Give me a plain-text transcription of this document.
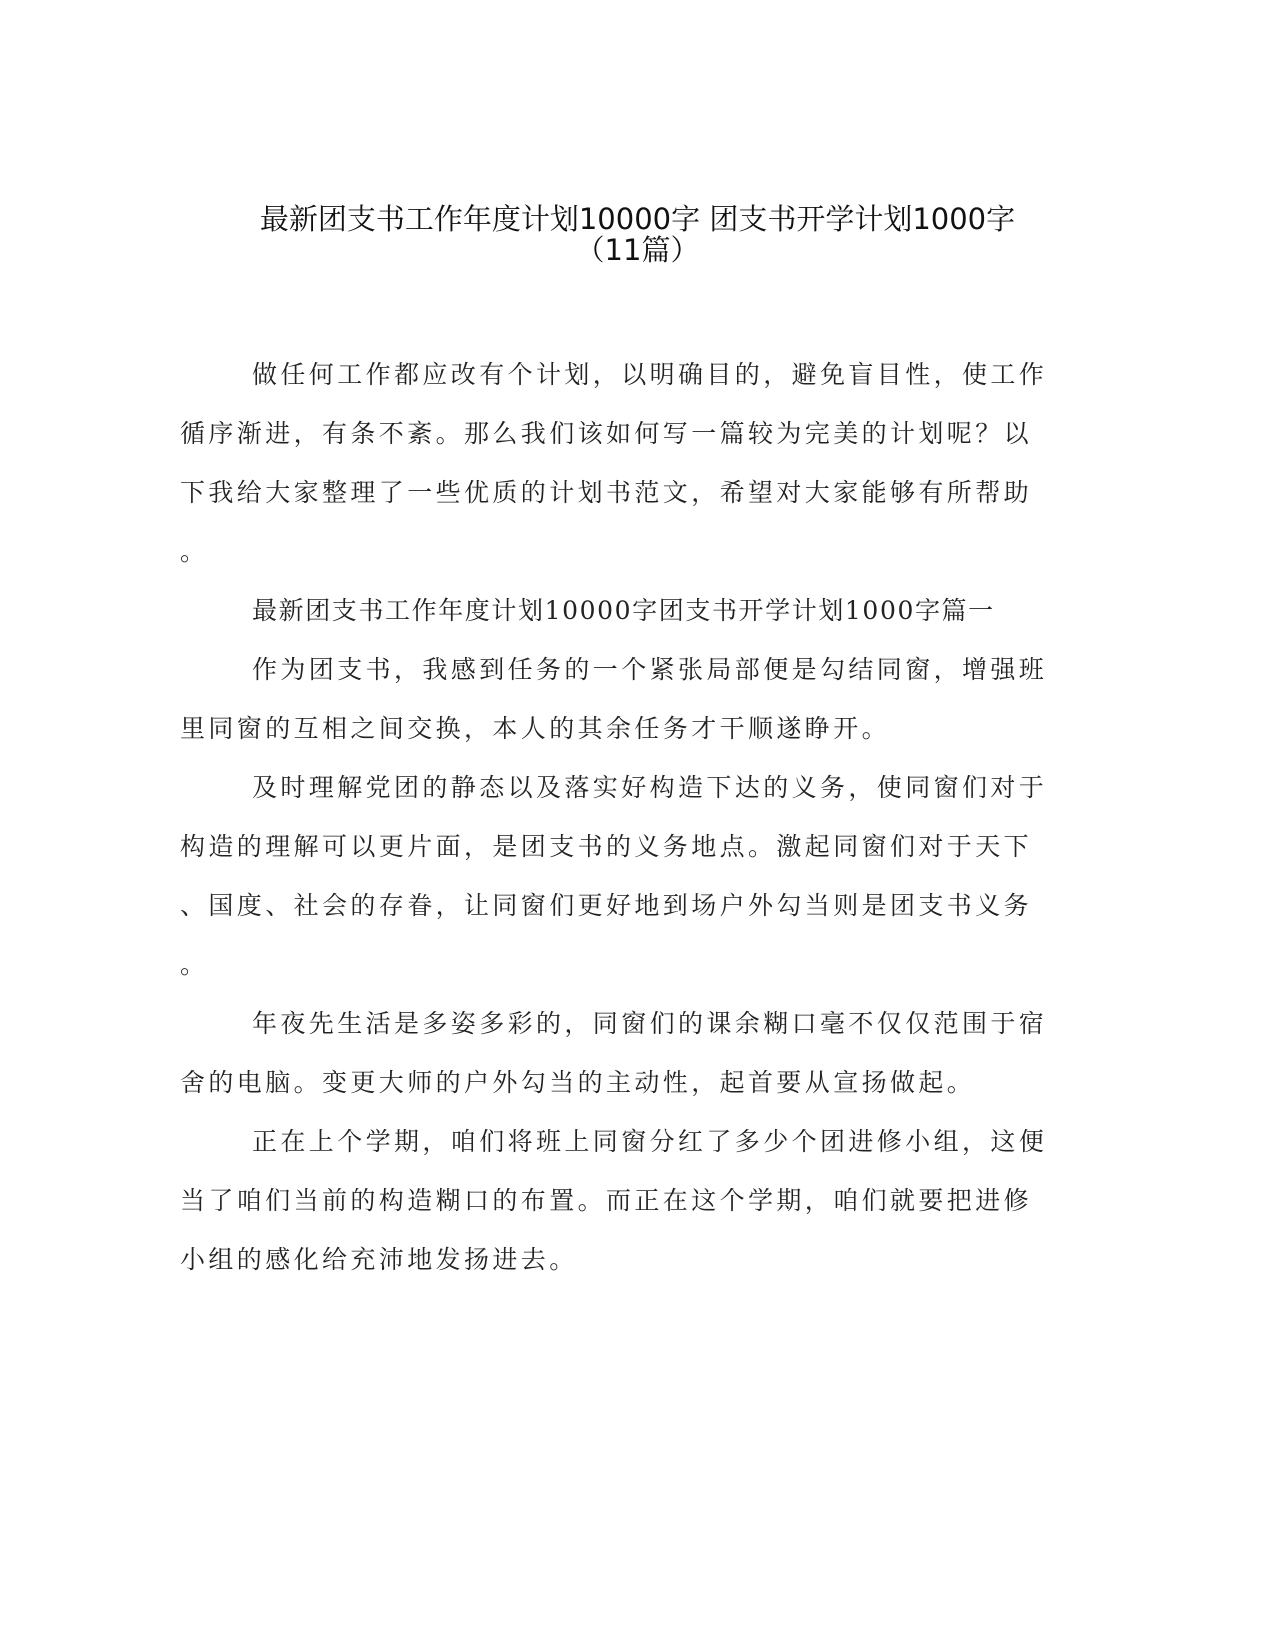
最新团支书工作年度计划10000字 团支书开学计划1000字
（11篇）
做任何工作都应改有个计划，以明确目的，避免盲目性，使工作
循序渐进，有条不紊。那么我们该如何写一篇较为完美的计划呢？以
下我给大家整理了一些优质的计划书范文，希望对大家能够有所帮助
。
最新团支书工作年度计划10000字团支书开学计划1000字篇一
作为团支书，我感到任务的一个紧张局部便是勾结同窗，增强班
里同窗的互相之间交换，本人的其余任务才干顺遂睁开。
及时理解党团的静态以及落实好构造下达的义务，使同窗们对于
构造的理解可以更片面，是团支书的义务地点。激起同窗们对于天下
、国度、社会的存眷，让同窗们更好地到场户外勾当则是团支书义务
。
年夜先生活是多姿多彩的，同窗们的课余糊口毫不仅仅范围于宿
舍的电脑。变更大师的户外勾当的主动性，起首要从宣扬做起。
正在上个学期，咱们将班上同窗分红了多少个团进修小组，这便
当了咱们当前的构造糊口的布置。而正在这个学期，咱们就要把进修
小组的感化给充沛地发扬进去。
